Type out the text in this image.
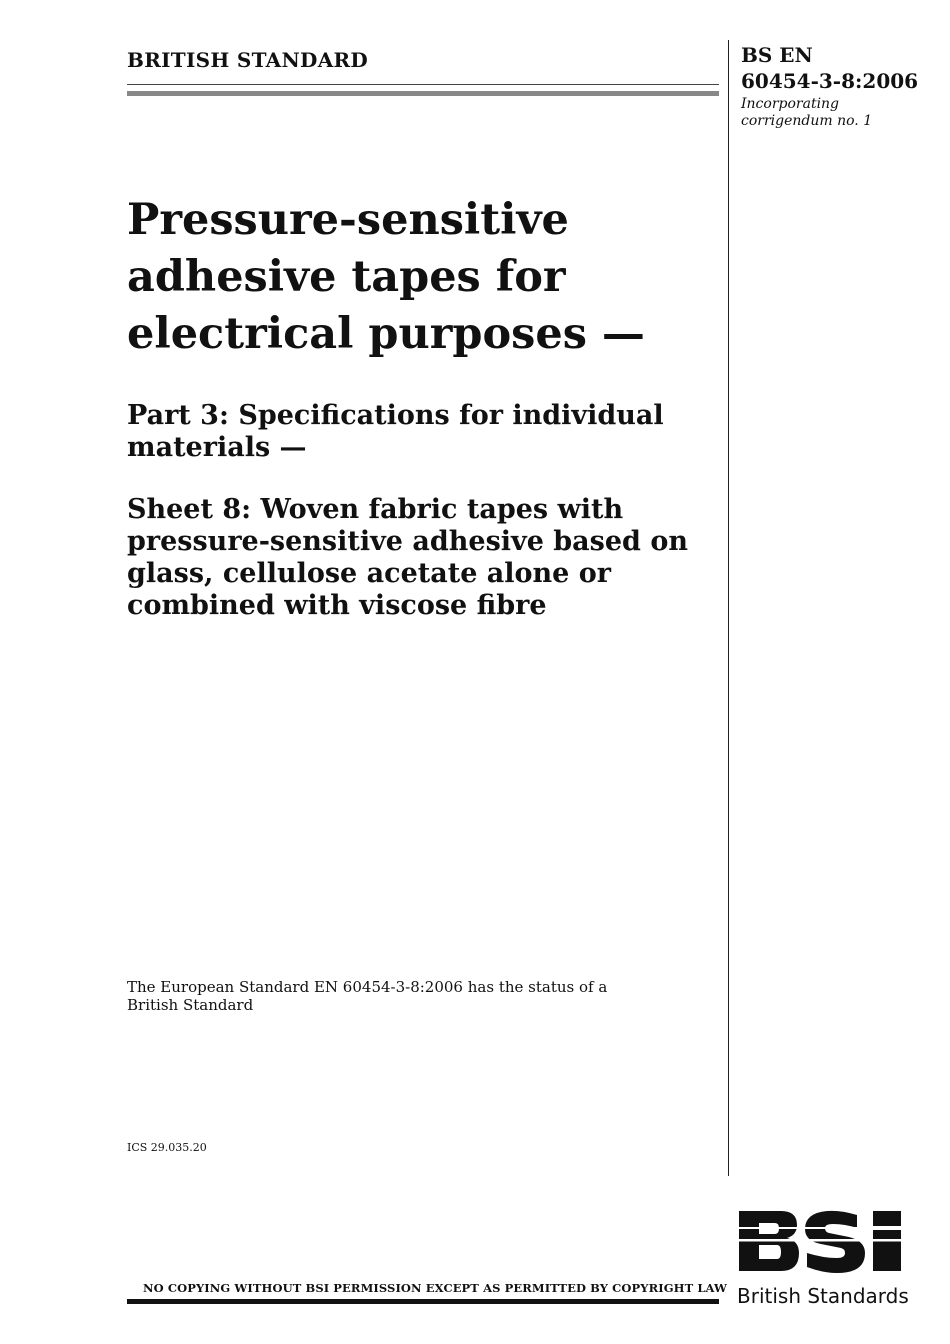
BRITISH STANDARD	BS EN
60454-3-8:2006
Incorporating
corrigendum no. 1
Pressure-sensitive
adhesive tapes for
electrical purposes —
Part 3: Specifications for individual
materials —
Sheet 8: Woven fabric tapes with
pressure-sensitive adhesive based on
glass, cellulose acetate alone or
combined with viscose fibre
The European Standard EN 60454-3-8:2006 has the status of a
British Standard
ICS 29.035.20
NO COPYING WITHOUT BSI PERMISSION EXCEPT AS PERMITTED BY COPYRIGHT LAW British Standards
